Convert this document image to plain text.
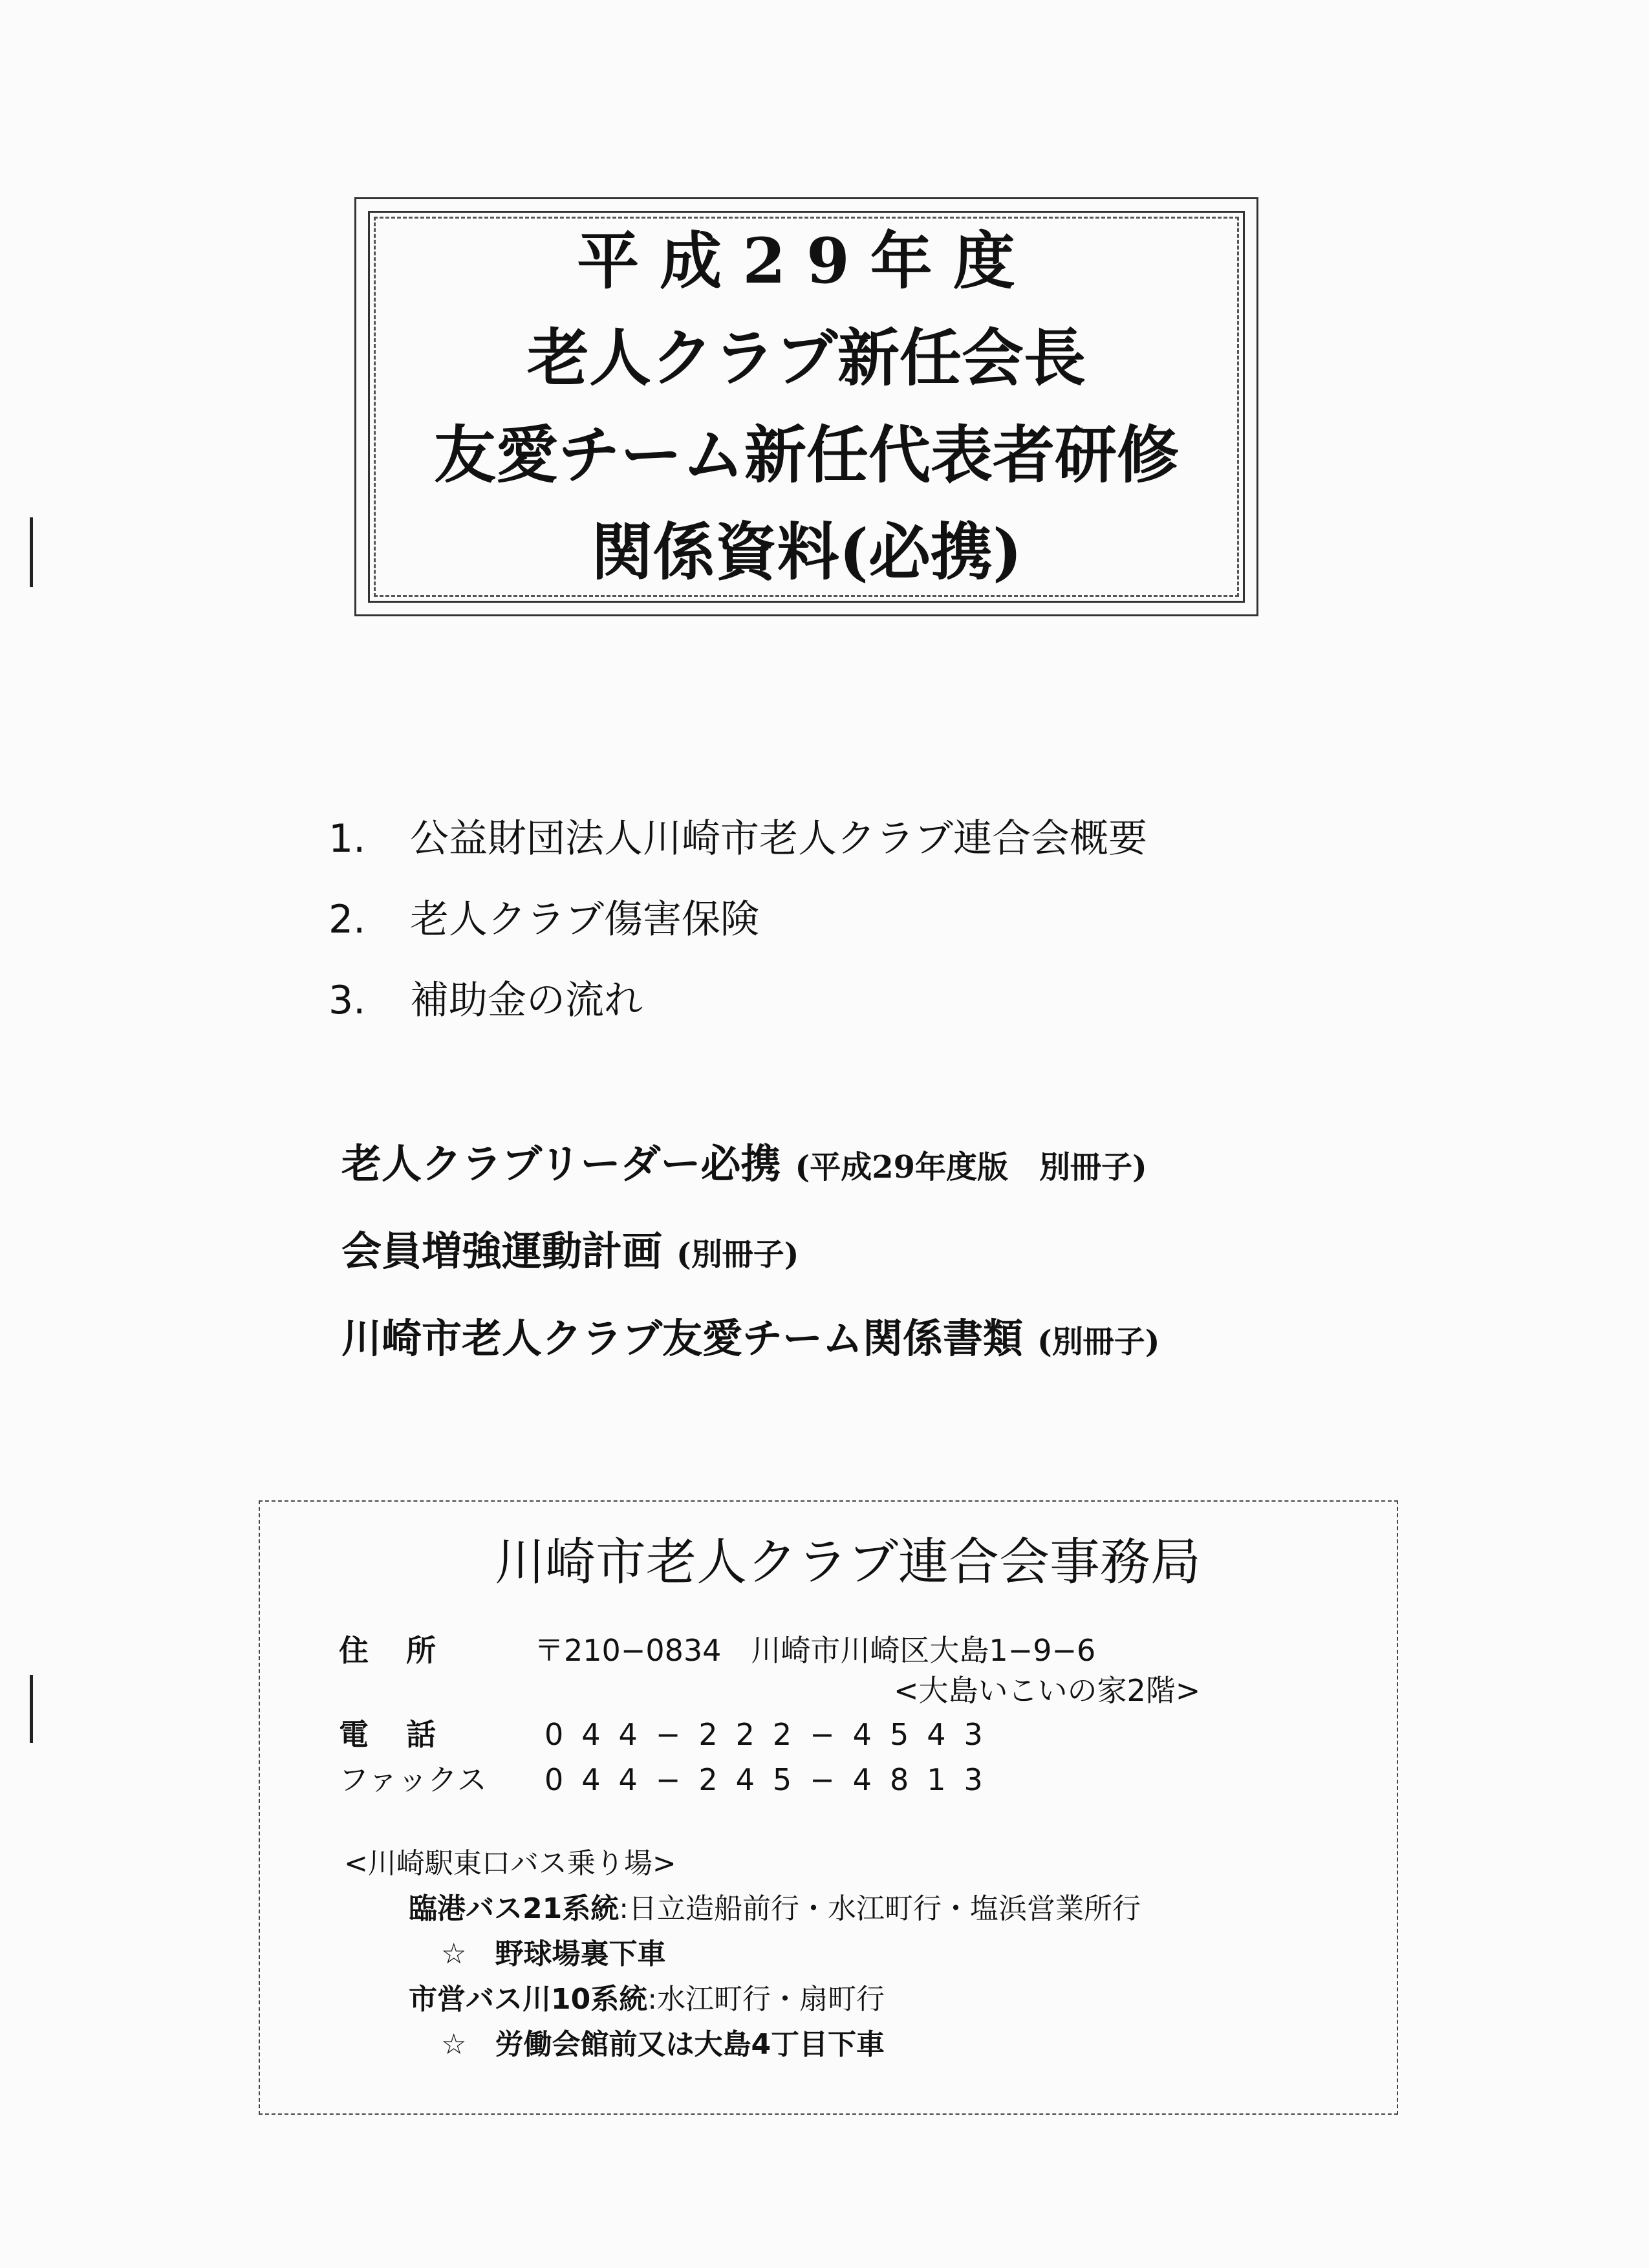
平成29年度
老人クラブ新任会長
友愛チーム新任代表者研修
関係資料(必携)
1. 公益財団法人川崎市老人クラブ連合会概要
2. 老人クラブ傷害保険
3. 補助金の流れ
老人クラブリーダー必携 (平成29年度版　別冊子)
会員増強運動計画 (別冊子)
川崎市老人クラブ友愛チーム関係書類 (別冊子)
川崎市老人クラブ連合会事務局
住　所	〒210−0834　川崎市川崎区大島1−9−6
<大島いこいの家2階>
電　話	044−222−4543
ファックス 044−245−4813
<川崎駅東口バス乗り場>
臨港バス21系統:日立造船前行・水江町行・塩浜営業所行
☆　野球場裏下車
市営バス川10系統:水江町行・扇町行
☆　労働会館前又は大島4丁目下車
